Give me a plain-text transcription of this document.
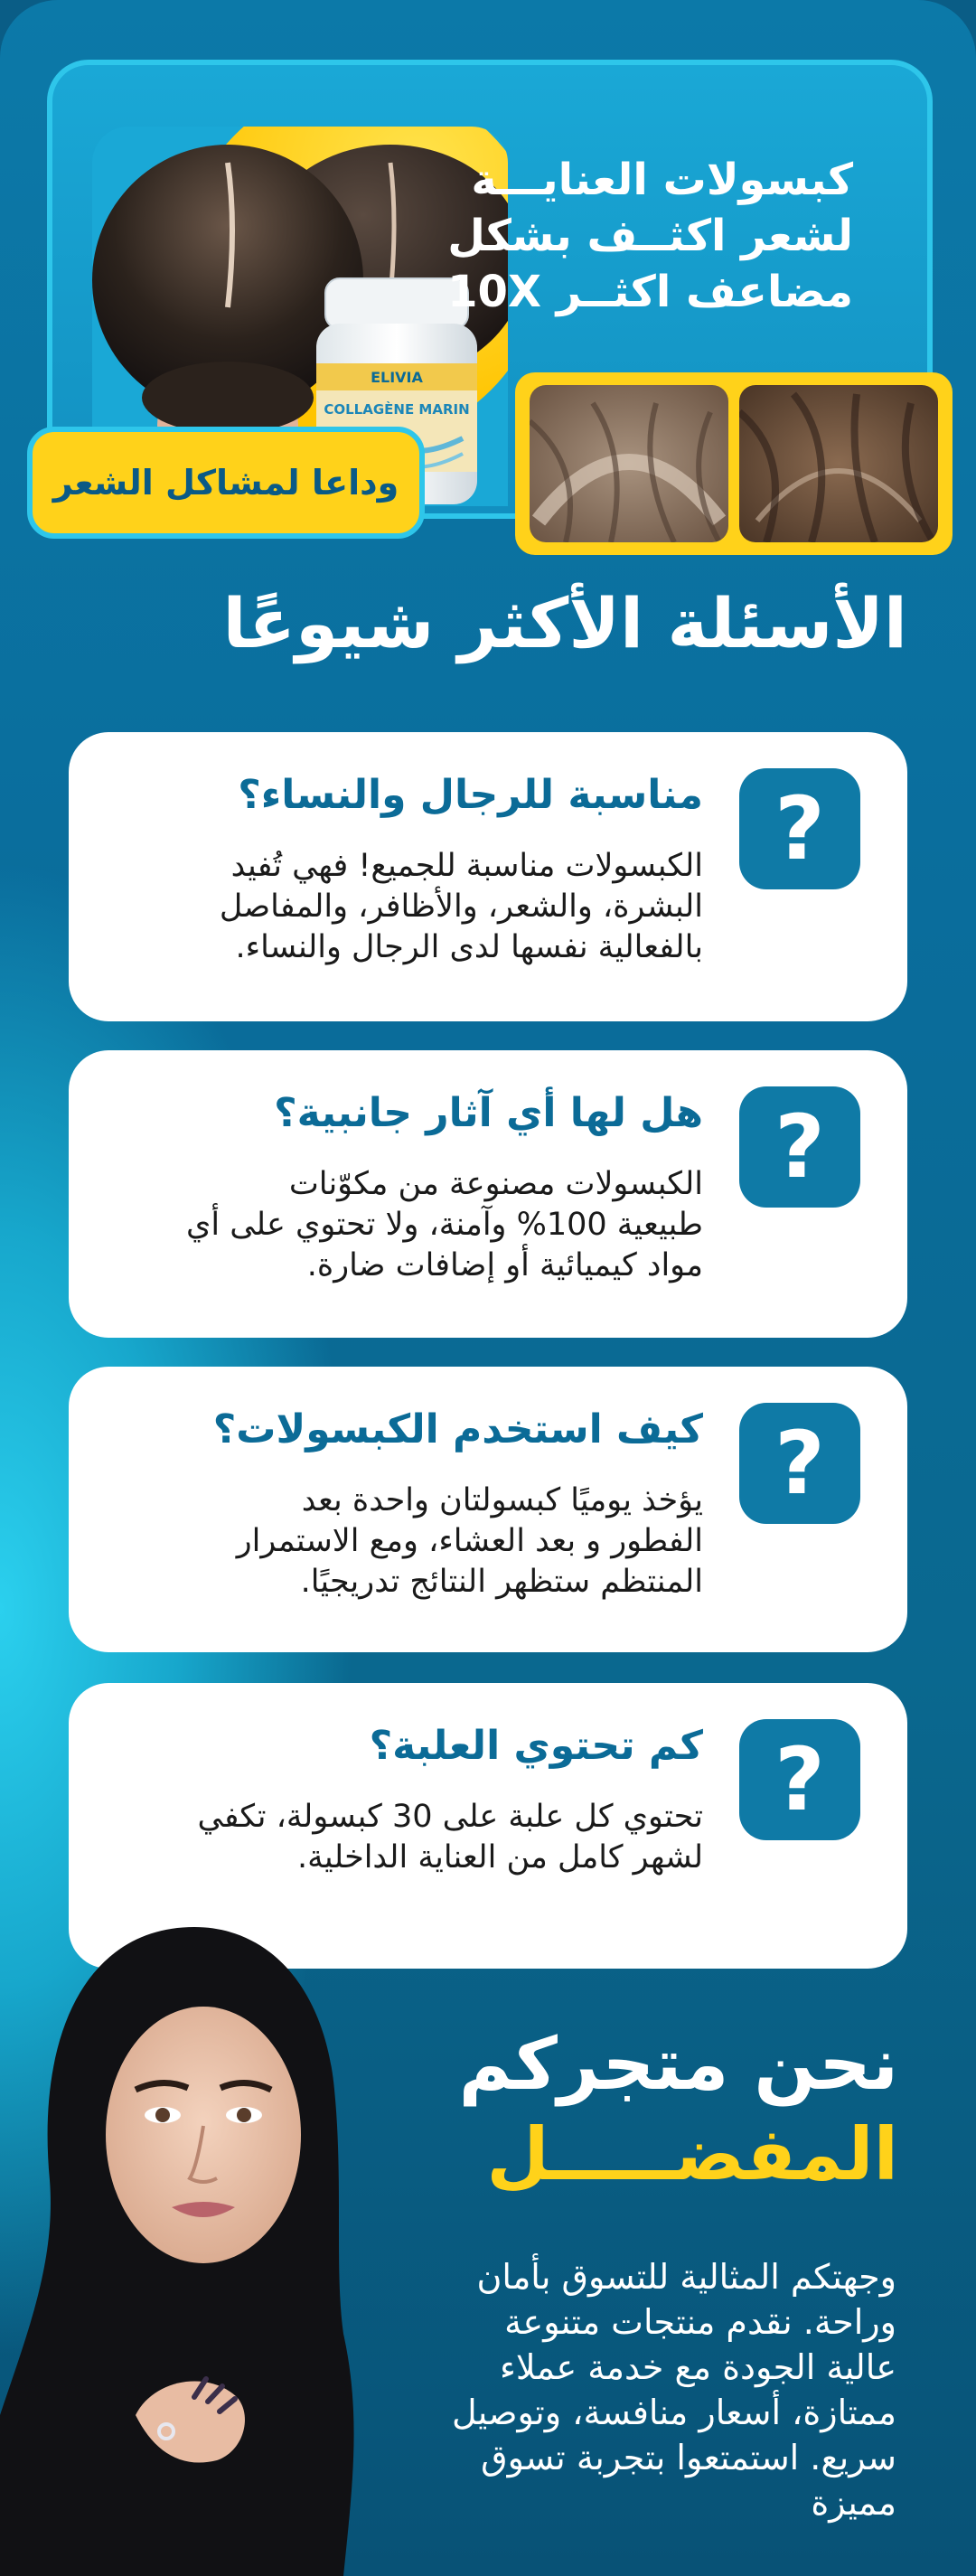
ELIVIA
COLLAGÈNE MARIN
كبسولات العنايـــة
لشعر اكثــف بشكل
مضاعف اكثــر 10X
وداعا لمشاكل الشعر
الأسئلة الأكثر شيوعًا
?
مناسبة للرجال والنساء؟
الكبسولات مناسبة للجميع! فهي تُفيد
البشرة، والشعر، والأظافر، والمفاصل
بالفعالية نفسها لدى الرجال والنساء.
?
هل لها أي آثار جانبية؟
الكبسولات مصنوعة من مكوّنات
طبيعية 100% وآمنة، ولا تحتوي على أي
مواد كيميائية أو إضافات ضارة.
?
كيف استخدم الكبسولات؟
يؤخذ يوميًا كبسولتان واحدة بعد
الفطور و بعد العشاء، ومع الاستمرار
المنتظم ستظهر النتائج تدريجيًا.
?
كم تحتوي العلبة؟
تحتوي كل علبة على 30 كبسولة، تكفي
لشهر كامل من العناية الداخلية.
نحن متجركم
المفضـــــل
وجهتكم المثالية للتسوق بأمان
وراحة. نقدم منتجات متنوعة
عالية الجودة مع خدمة عملاء
ممتازة، أسعار منافسة، وتوصيل
سريع. استمتعوا بتجربة تسوق
مميزة
